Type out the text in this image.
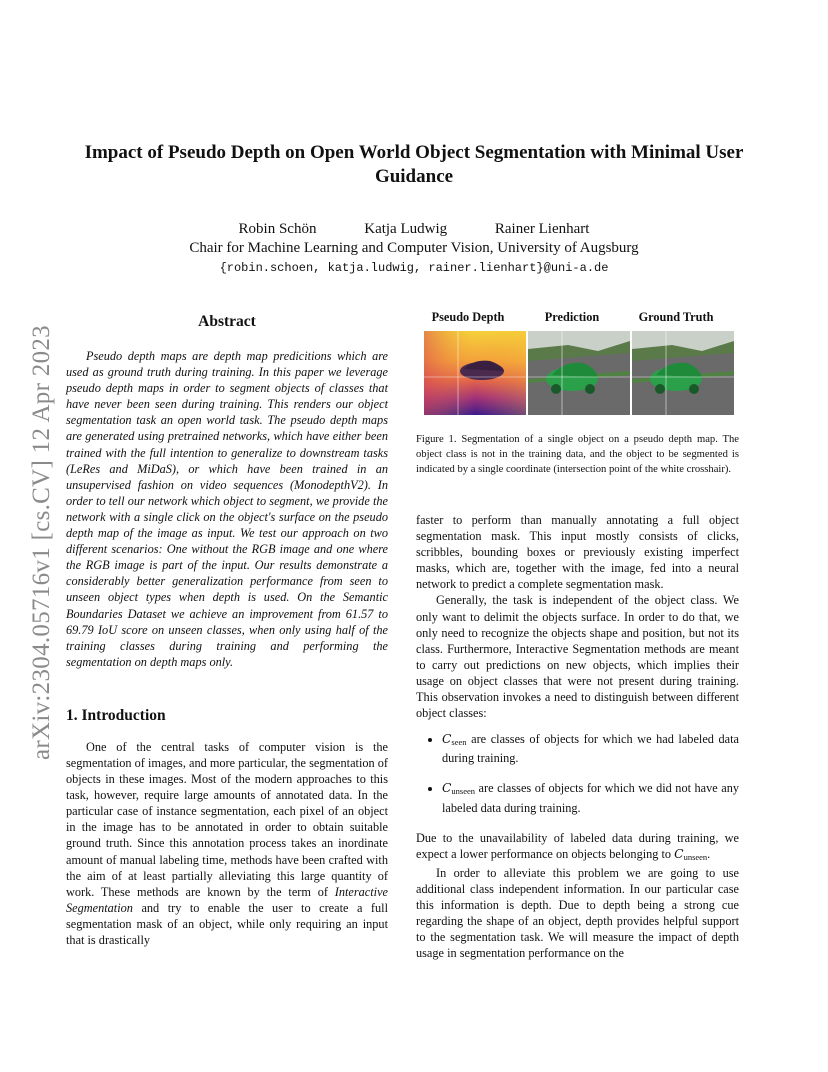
arXiv:2304.05716v1 [cs.CV] 12 Apr 2023
Impact of Pseudo Depth on Open World Object Segmentation with Minimal User Guidance
Robin Schön	Katja Ludwig	Rainer Lienhart
Chair for Machine Learning and Computer Vision, University of Augsburg
{robin.schoen, katja.ludwig, rainer.lienhart}@uni-a.de
Abstract

Pseudo depth maps are depth map predicitions which are used as ground truth during training. In this paper we leverage pseudo depth maps in order to segment objects of classes that have never been seen during training. This renders our object segmentation task an open world task. The pseudo depth maps are generated using pretrained networks, which have either been trained with the full intention to generalize to downstream tasks (LeRes and MiDaS), or which have been trained in an unsupervised fashion on video sequences (MonodepthV2). In order to tell our network which object to segment, we provide the network with a single click on the object's surface on the pseudo depth map of the image as input. We test our approach on two different scenarios: One without the RGB image and one where the RGB image is part of the input. Our results demonstrate a considerably better generalization performance from seen to unseen object types when depth is used. On the Semantic Boundaries Dataset we achieve an improvement from 61.57 to 69.79 IoU score on unseen classes, when only using half of the training classes during training and performing the segmentation on depth maps only.

1. Introduction

One of the central tasks of computer vision is the segmentation of images, and more particular, the segmentation of objects in these images. Most of the modern approaches to this task, however, require large amounts of annotated data. In the particular case of instance segmentation, each pixel of an object in the image has to be annotated in order to obtain suitable ground truth. Since this annotation process takes an inordinate amount of manual labeling time, methods have been crafted with the aim of at least partially alleviating this large quantity of work. These methods are known by the term of Interactive Segmentation and try to enable the user to create a full segmentation mask of an object, while only requiring an input that is drastically

Pseudo Depth	Prediction	Ground Truth
Figure 1. Segmentation of a single object on a pseudo depth map. The object class is not in the training data, and the object to be segmented is indicated by a single coordinate (intersection point of the white crosshair).

faster to perform than manually annotating a full object segmentation mask. This input mostly consists of clicks, scribbles, bounding boxes or previously existing imperfect masks, which are, together with the image, fed into a neural network to predict a complete segmentation mask.

Generally, the task is independent of the object class. We only want to delimit the objects surface. In order to do that, we only need to recognize the objects shape and position, but not its class. Furthermore, Interactive Segmentation methods are meant to carry out predictions on new objects, which implies their usage on object classes that were not present during training. This observation invokes a need to distinguish between different object classes:

• $C_{seen}$ are classes of objects for which we had labeled data during training.
• $C_{unseen}$ are classes of objects for which we did not have any labeled data during training.

Due to the unavailability of labeled data during training, we expect a lower performance on objects belonging to $C_{unseen}$.

In order to alleviate this problem we are going to use additional class independent information. In our particular case this information is depth. Due to depth being a strong cue regarding the shape of an object, depth provides helpful support to the segmentation task. We will measure the impact of depth usage in segmentation performance on the
